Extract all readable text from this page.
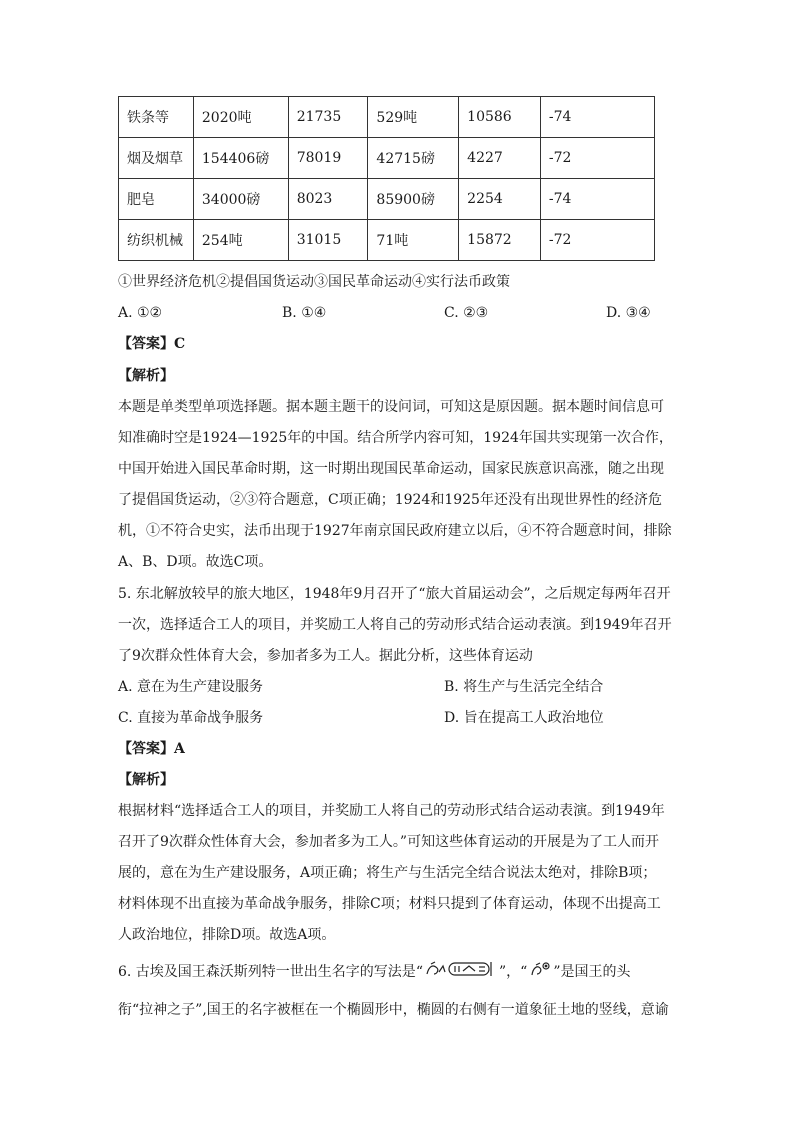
铁条等	2020吨	21735	529吨	10586	-74
烟及烟草	154406磅	78019	42715磅	4227	-72
肥皂	34000磅	8023	85900磅	2254	-74
纺织机械	254吨	31015	71吨	15872	-72
①世界经济危机②提倡国货运动③国民革命运动④实行法币政策
A. ①②	B. ①④	C. ②③	D. ③④
【答案】C
【解析】
本题是单类型单项选择题。据本题主题干的设问词，可知这是原因题。据本题时间信息可
知准确时空是1924—1925年的中国。结合所学内容可知，1924年国共实现第一次合作，
中国开始进入国民革命时期，这一时期出现国民革命运动，国家民族意识高涨，随之出现
了提倡国货运动，②③符合题意，C项正确；1924和1925年还没有出现世界性的经济危
机，①不符合史实，法币出现于1927年南京国民政府建立以后，④不符合题意时间，排除
A、B、D项。故选C项。
5. 东北解放较早的旅大地区，1948年9月召开了“旅大首届运动会”，之后规定每两年召开
一次，选择适合工人的项目，并奖励工人将自己的劳动形式结合运动表演。到1949年召开
了9次群众性体育大会，参加者多为工人。据此分析，这些体育运动
A. 意在为生产建设服务	B. 将生产与生活完全结合
C. 直接为革命战争服务	D. 旨在提高工人政治地位
【答案】A
【解析】
根据材料“选择适合工人的项目，并奖励工人将自己的劳动形式结合运动表演。到1949年
召开了9次群众性体育大会，参加者多为工人。”可知这些体育运动的开展是为了工人而开
展的，意在为生产建设服务，A项正确；将生产与生活完全结合说法太绝对，排除B项；
材料体现不出直接为革命战争服务，排除C项；材料只提到了体育运动，体现不出提高工
人政治地位，排除D项。故选A项。
6. 古埃及国王森沃斯列特一世出生名字的写法是“	”，“ ”是国王的头
衔“拉神之子”,国王的名字被框在一个椭圆形中，椭圆的右侧有一道象征土地的竖线，意谕
